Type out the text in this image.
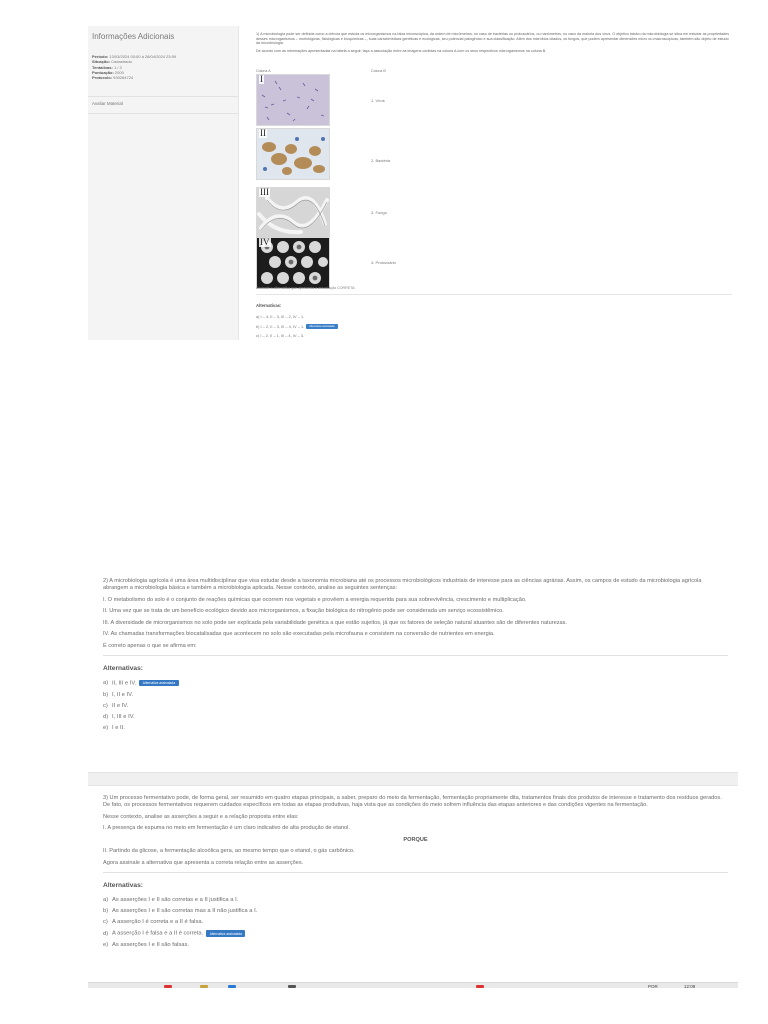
Informações Adicionais
Período: 13/03/2024 00:00 à 28/04/2024 23:59
Situação: Cadastrado
Tentativas: 1 / 3
Pontuação: 2000
Protocolo: 930264724
Avaliar Material

1) A microbiologia pode ser definida como a ciência que estuda os microrganismos na faixa microscópica, da ordem de micrômetros, no caso de bactérias ou protozoários, ou nanômetros, no caso da maioria dos vírus. O objetivo básico da microbiologia se situa em estudar as propriedades desses microrganismos – morfológicas, fisiológicas e bioquímicas –, suas características genéticas e ecológicas, seu potencial patogênico e sua classificação. Além dos micróbios citados, os fungos, que podem apresentar dimensões micro ou macroscópicas, também são objeto de estudo da microbiologia.

De acordo com as informações apresentadas na tabela a seguir, faça a associação entre as imagens contidas na coluna A com os seus respectivos microrganismos na coluna B.

Coluna A	Coluna B
I
1. Vírus
II
2. Bactéria
III
3. Fungo
IV
4. Protozoário
Assinale a alternativa que apresenta a associação CORRETA:
Alternativas:
a) I – 4, II – 3, III – 2, IV – 1.
b) I – 2, II – 3, III – 4, IV – 1. Alternativa assinalada
c) I – 2, II – 1, III – 4, IV – 3.

2) A microbiologia agrícola é uma área multidisciplinar que visa estudar desde a taxonomia microbiana até os processos microbiológicos industriais de interesse para as ciências agrárias. Assim, os campos de estudo da microbiologia agrícola abrangem a microbiologia básica e também a microbiologia aplicada. Nesse contexto, analise as seguintes sentenças:

I. O metabolismo do solo é o conjunto de reações químicas que ocorrem nos vegetais e provêem a energia requerida para sua sobrevivência, crescimento e multiplicação.

II. Uma vez que se trata de um benefício ecológico devido aos microrganismos, a fixação biológica do nitrogênio pode ser considerada um serviço ecossistêmico.

III. A diversidade de microrganismos no solo pode ser explicada pela variabilidade genética a que estão sujeitos, já que os fatores de seleção natural atuantes são de diferentes naturezas.

IV. As chamadas transformações biocatalisadas que acontecem no solo são executadas pela microfauna e consistem na conversão de nutrientes em energia.

É correto apenas o que se afirma em:

Alternativas:

a) II, III e IV. Alternativa assinalada

b) I, II e IV.

c) II e IV.

d) I, III e IV.

e) I e II.

3) Um processo fermentativo pode, de forma geral, ser resumido em quatro etapas principais, a saber, preparo do meio da fermentação, fermentação propriamente dita, tratamentos finais dos produtos de interesse e tratamento dos resíduos gerados. De fato, os processos fermentativos requerem cuidados específicos em todas as etapas produtivas, haja vista que as condições do meio sofrem influência das etapas anteriores e das condições vigentes na fermentação.

Nesse contexto, analise as asserções a seguir e a relação proposta entre elas:

I. A presença de espuma no meio em fermentação é um claro indicativo de alta produção de etanol.

PORQUE

II. Partindo da glicose, a fermentação alcoólica gera, ao mesmo tempo que o etanol, o gás carbônico.

Agora assinale a alternativa que apresenta a correta relação entre as asserções.

Alternativas:

a) As asserções I e II são corretas e a II justifica a I.

b) As asserções I e II são corretas mas a II não justifica a I.

c) A asserção I é correta e a II é falsa.

d) A asserção I é falsa e a II é correta. Alternativa assinalada

e) As asserções I e II são falsas.

POR	12:09
